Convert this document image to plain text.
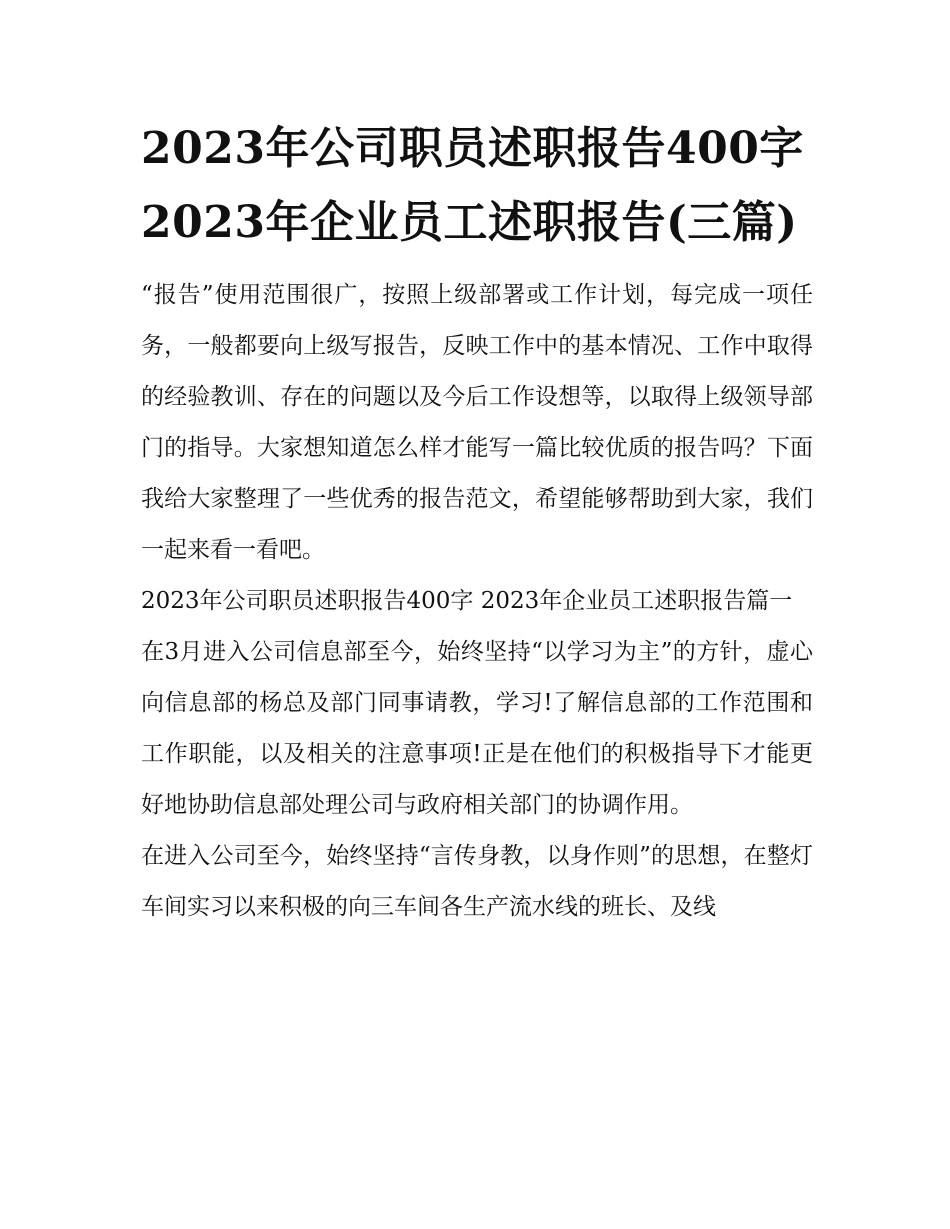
2023年公司职员述职报告400字 2023年企业员工述职报告(三篇)

“报告”使用范围很广，按照上级部署或工作计划，每完成一项任务，一般都要向上级写报告，反映工作中的基本情况、工作中取得的经验教训、存在的问题以及今后工作设想等，以取得上级领导部门的指导。大家想知道怎么样才能写一篇比较优质的报告吗？下面我给大家整理了一些优秀的报告范文，希望能够帮助到大家，我们一起来看一看吧。

2023年公司职员述职报告400字 2023年企业员工述职报告篇一

在3月进入公司信息部至今，始终坚持“以学习为主”的方针，虚心向信息部的杨总及部门同事请教，学习!了解信息部的工作范围和工作职能，以及相关的注意事项!正是在他们的积极指导下才能更好地协助信息部处理公司与政府相关部门的协调作用。

在进入公司至今，始终坚持“言传身教，以身作则”的思想，在整灯车间实习以来积极的向三车间各生产流水线的班长、及线
